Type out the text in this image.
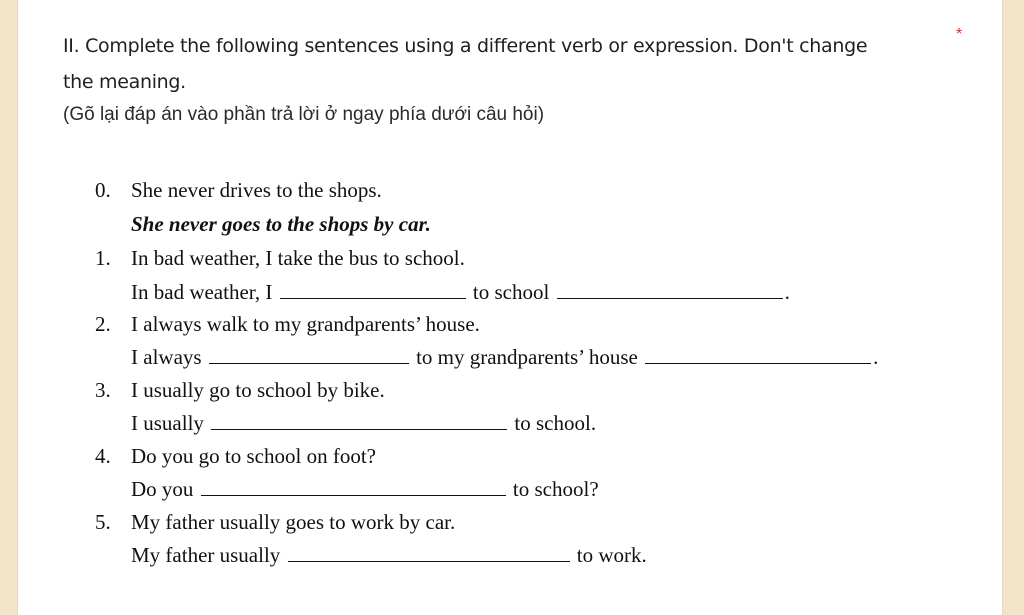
II. Complete the following sentences using a different verb or expression. Don't change the meaning.
*
(Gõ lại đáp án vào phần trả lời ở ngay phía dưới câu hỏi)
0. She never drives to the shops.
She never goes to the shops by car.
1. In bad weather, I take the bus to school.
In bad weather, I	to school	.
2. I always walk to my grandparents’ house.
I always	to my grandparents’ house	.
3. I usually go to school by bike.
I usually	to school.
4. Do you go to school on foot?
Do you	to school?
5. My father usually goes to work by car.
My father usually	to work.
